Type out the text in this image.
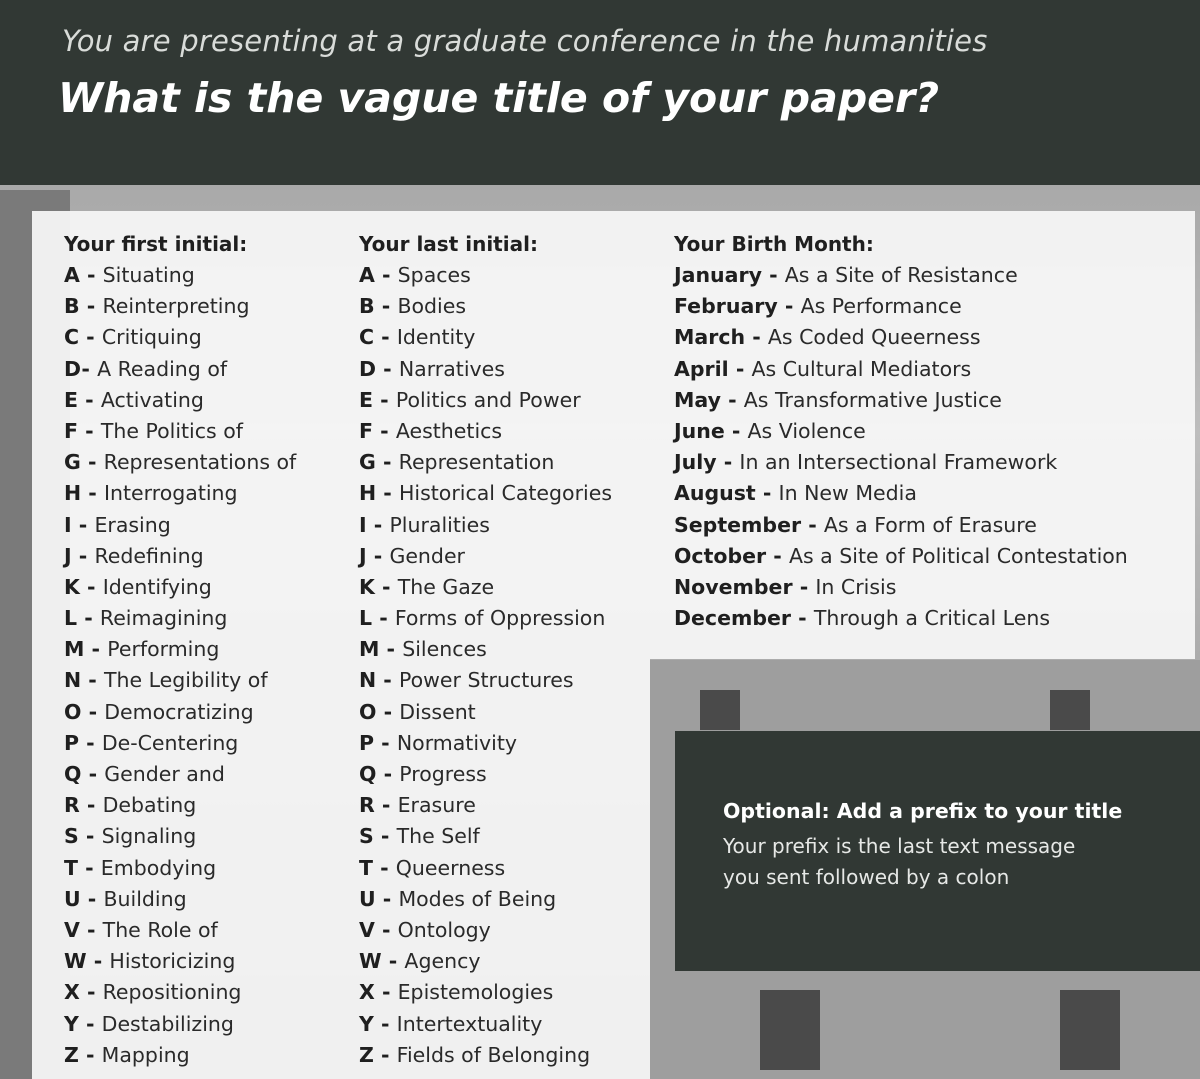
You are presenting at a graduate conference in the humanities
What is the vague title of your paper?
Your first initial:
A - Situating
B - Reinterpreting
C - Critiquing
D- A Reading of
E - Activating
F - The Politics of
G - Representations of
H - Interrogating
I - Erasing
J - Redefining
K - Identifying
L - Reimagining
M - Performing
N - The Legibility of
O - Democratizing
P - De-Centering
Q - Gender and
R - Debating
S - Signaling
T - Embodying
U - Building
V - The Role of
W - Historicizing
X - Repositioning
Y - Destabilizing
Z - Mapping
Your last initial:
A - Spaces
B - Bodies
C - Identity
D - Narratives
E - Politics and Power
F - Aesthetics
G - Representation
H - Historical Categories
I - Pluralities
J - Gender
K - The Gaze
L - Forms of Oppression
M - Silences
N - Power Structures
O - Dissent
P - Normativity
Q - Progress
R - Erasure
S - The Self
T - Queerness
U - Modes of Being
V - Ontology
W - Agency
X - Epistemologies
Y - Intertextuality
Z - Fields of Belonging
Your Birth Month:
January - As a Site of Resistance
February - As Performance
March - As Coded Queerness
April - As Cultural Mediators
May - As Transformative Justice
June - As Violence
July - In an Intersectional Framework
August - In New Media
September - As a Form of Erasure
October - As a Site of Political Contestation
November - In Crisis
December - Through a Critical Lens
Optional: Add a prefix to your title
Your prefix is the last text message
you sent followed by a colon
